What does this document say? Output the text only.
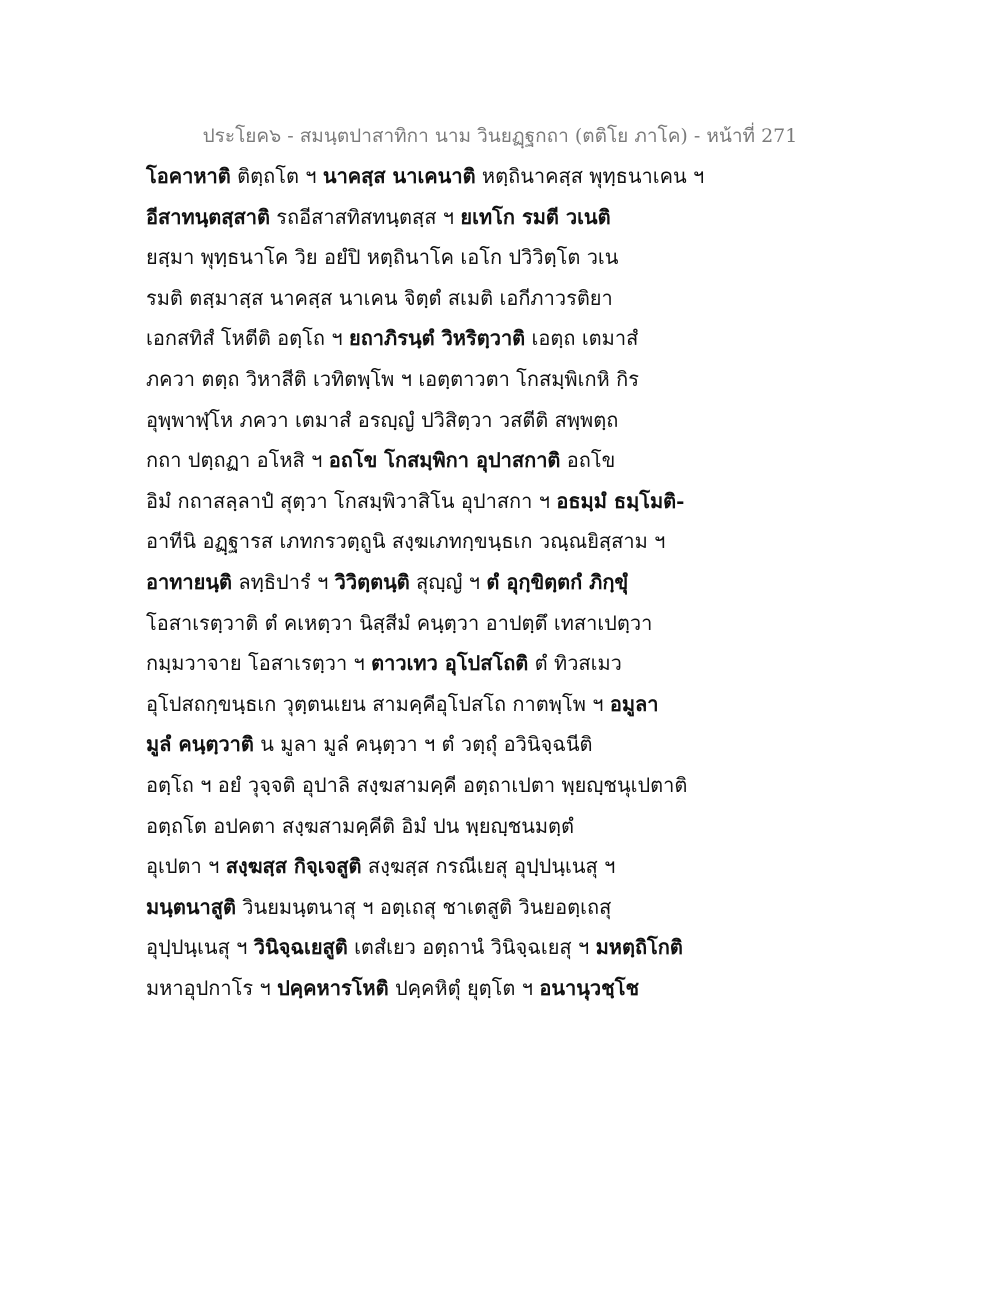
ประโยค๖ - สมนฺตปาสาทิกา นาม วินยฏฺฐกถา (ตติโย ภาโค) - หน้าที่ 271
โอคาหาติ ติตฺถโต ฯ นาคสฺส นาเคนาติ หตฺถินาคสฺส พุทฺธนาเคน ฯ
อีสาทนฺตสฺสาติ รถอีสาสทิสทนฺตสฺส ฯ ยเทโก รมตี วเนติ
ยสฺมา พุทฺธนาโค วิย อยํปิ หตฺถินาโค เอโก ปวิวิตฺโต วเน
รมติ ตสฺมาสฺส นาคสฺส นาเคน จิตฺตํ สเมติ เอกีภาวรติยา
เอกสทิสํ โหตีติ อตฺโถ ฯ ยถาภิรนฺตํ วิหริตฺวาติ เอตฺถ เตมาสํ
ภควา ตตฺถ วิหาสีติ เวทิตพฺโพ ฯ เอตฺตาวตา โกสมฺพิเกหิ กิร
อุพฺพาฬฺโห ภควา เตมาสํ อรญฺญํ ปวิสิตฺวา วสตีติ สพฺพตฺถ
กถา ปตฺถฏา อโหสิ ฯ อถโข โกสมฺพิกา อุปาสกาติ อถโข
อิมํ กถาสลฺลาปํ สุตฺวา โกสมฺพิวาสิโน อุปาสกา ฯ อธมฺมํ ธมฺโมติ-
อาทีนิ อฏฺฐารส เภทกรวตฺถูนิ สงฺฆเภทกฺขนฺธเก วณฺณยิสฺสาม ฯ
อาทายนฺติ ลทฺธิปารํ ฯ วิวิตฺตนฺติ สุญฺญํ ฯ ตํ อุกฺขิตฺตกํ ภิกฺขุํ
โอสาเรตฺวาติ ตํ คเหตฺวา นิสฺสีมํ คนฺตฺวา อาปตฺตึ เทสาเปตฺวา
กมฺมวาจาย โอสาเรตฺวา ฯ ตาวเทว อุโปสโถติ ตํ ทิวสเมว
อุโปสถกฺขนฺธเก วุตฺตนเยน สามคฺคีอุโปสโถ กาตพฺโพ ฯ อมูลา
มูลํ คนฺตฺวาติ น มูลา มูลํ คนฺตฺวา ฯ ตํ วตฺถุํ อวินิจฺฉนีติ
อตฺโถ ฯ อยํ วุจฺจติ อุปาลิ สงฺฆสามคฺคี อตฺถาเปตา พฺยญฺชนุเปตาติ
อตฺถโต อปคตา สงฺฆสามคฺคีติ อิมํ ปน พฺยญฺชนมตฺตํ
อุเปตา ฯ สงฺฆสฺส กิจฺเจสูติ สงฺฆสฺส กรณีเยสุ อุปฺปนฺเนสุ ฯ
มนฺตนาสูติ วินยมนฺตนาสุ ฯ อตฺเถสุ ชาเตสูติ วินยอตฺเถสุ
อุปฺปนฺเนสุ ฯ วินิจฺฉเยสูติ เตสํเยว อตฺถานํ วินิจฺฉเยสุ ฯ มหตฺถิโกติ
มหาอุปกาโร ฯ ปคฺคหารโหติ ปคฺคหิตุํ ยุตฺโต ฯ อนานุวชฺโช
